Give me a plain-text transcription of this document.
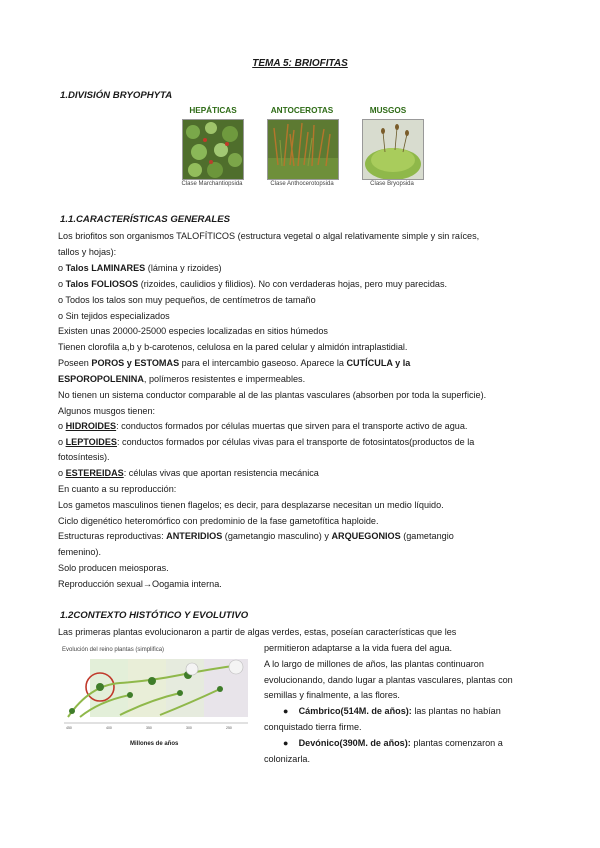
TEMA 5: BRIOFITAS
1.DIVISIÓN BRYOPHYTA
HEPÁTICAS	ANTOCEROTAS	MUSGOS
Clase Marchantiopsida	Clase Anthocerotopsida	Clase Bryopsida
1.1.CARACTERÍSTICAS GENERALES
Los briofitos son organismos TALOFÍTICOS (estructura vegetal o algal relativamente simple y sin raíces,
tallos y hojas):
o Talos LAMINARES (lámina y rizoides)
o Talos FOLIOSOS (rizoides, caulidios y filidios). No con verdaderas hojas, pero muy parecidas.
o Todos los talos son muy pequeños, de centímetros de tamaño
o Sin tejidos especializados
Existen unas 20000-25000 especies localizadas en sitios húmedos
Tienen clorofila a,b y b-carotenos, celulosa en la pared celular y almidón intraplastidial.
Poseen POROS y ESTOMAS para el intercambio gaseoso. Aparece la CUTÍCULA y la
ESPOROPOLENINA, polímeros resistentes e impermeables.
No tienen un sistema conductor comparable al de las plantas vasculares (absorben por toda la superficie).
Algunos musgos tienen:
o HIDROIDES: conductos formados por células muertas que sirven para el transporte activo de agua.
o LEPTOIDES: conductos formados por células vivas para el transporte de fotosintatos(productos de la
fotosíntesis).
o ESTEREIDAS: células vivas que aportan resistencia mecánica
En cuanto a su reproducción:
Los gametos masculinos tienen flagelos; es decir, para desplazarse necesitan un medio líquido.
Ciclo digenético heteromórfico con predominio de la fase gametofítica haploide.
Estructuras reproductivas: ANTERIDIOS (gametangio masculino) y ARQUEGONIOS (gametangio
femenino).
Solo producen meiosporas.
Reproducción sexual→Oogamia interna.
1.2CONTEXTO HISTÓTICO Y EVOLUTIVO
Las primeras plantas evolucionaron a partir de algas verdes, estas, poseían características que les
450	400	350	300	250
Evolución del reino plantas (simplifica)
Millones de años
permitieron adaptarse a la vida fuera del agua.
A lo largo de millones de años, las plantas continuaron
evolucionando, dando lugar a plantas vasculares, plantas con
semillas y finalmente, a las flores.
● Cámbrico(514M. de años): las plantas no habían
conquistado tierra firme.
● Devónico(390M. de años): plantas comenzaron a
colonizarla.
